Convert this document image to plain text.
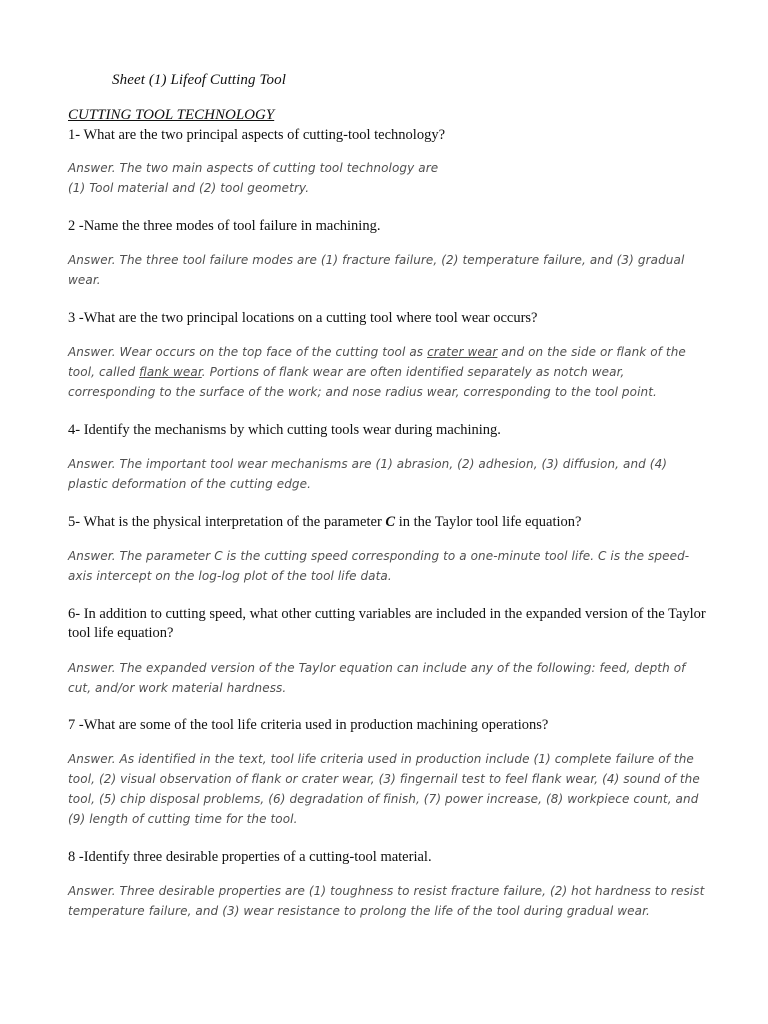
Sheet (1) Lifeof Cutting Tool
CUTTING TOOL TECHNOLOGY
1- What are the two principal aspects of cutting-tool technology?
Answer. The two main aspects of cutting tool technology are
(1) Tool material and (2) tool geometry.
2 -Name the three modes of tool failure in machining.
Answer. The three tool failure modes are (1) fracture failure, (2) temperature failure, and (3) gradual wear.
3 -What are the two principal locations on a cutting tool where tool wear occurs?
Answer. Wear occurs on the top face of the cutting tool as crater wear and on the side or flank of the tool, called flank wear. Portions of flank wear are often identified separately as notch wear, corresponding to the surface of the work; and nose radius wear, corresponding to the tool point.
4- Identify the mechanisms by which cutting tools wear during machining.
Answer. The important tool wear mechanisms are (1) abrasion, (2) adhesion, (3) diffusion, and (4) plastic deformation of the cutting edge.
5- What is the physical interpretation of the parameter C in the Taylor tool life equation?
Answer. The parameter C is the cutting speed corresponding to a one-minute tool life. C is the speed-axis intercept on the log-log plot of the tool life data.
6- In addition to cutting speed, what other cutting variables are included in the expanded version of the Taylor tool life equation?
Answer. The expanded version of the Taylor equation can include any of the following: feed, depth of cut, and/or work material hardness.
7 -What are some of the tool life criteria used in production machining operations?
Answer. As identified in the text, tool life criteria used in production include (1) complete failure of the tool, (2) visual observation of flank or crater wear, (3) fingernail test to feel flank wear, (4) sound of the tool, (5) chip disposal problems, (6) degradation of finish, (7) power increase, (8) workpiece count, and (9) length of cutting time for the tool.
8 -Identify three desirable properties of a cutting-tool material.
Answer. Three desirable properties are (1) toughness to resist fracture failure, (2) hot hardness to resist temperature failure, and (3) wear resistance to prolong the life of the tool during gradual wear.
